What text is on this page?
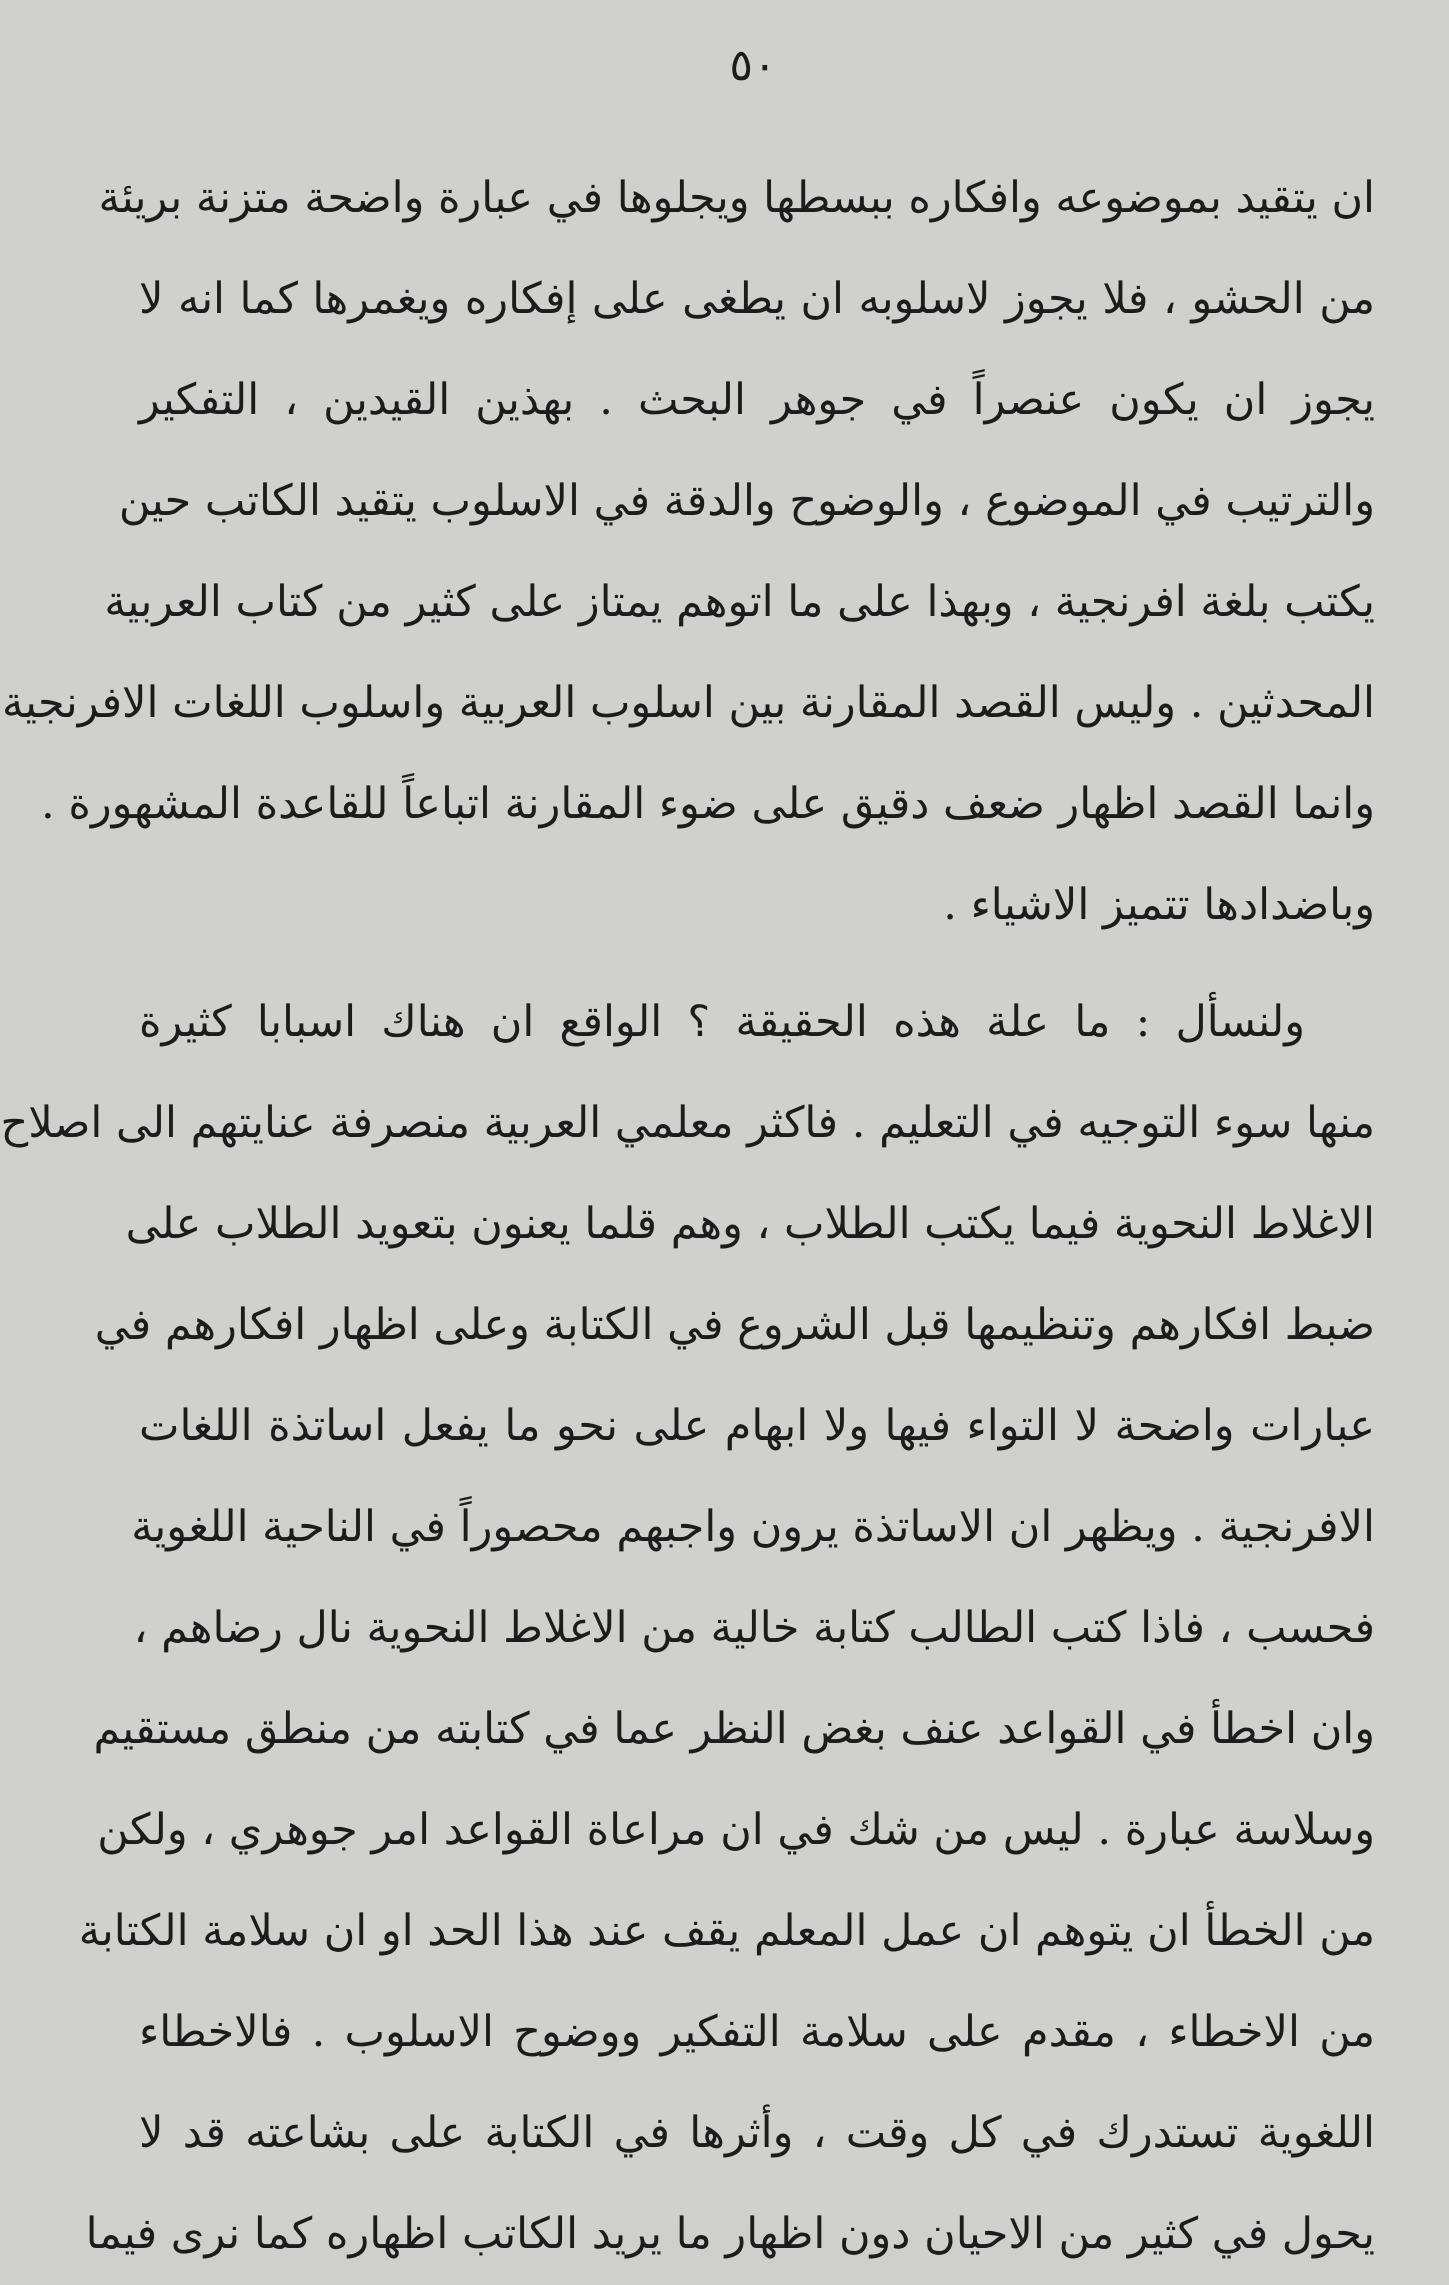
٥٠
ان يتقيد بموضوعه وافكاره ببسطها ويجلوها في عبارة واضحة متزنة بريئة
من الحشو ، فلا يجوز لاسلوبه ان يطغى على إفكاره ويغمرها كما انه لا
يجوز ان يكون عنصراً في جوهر البحث . بهذين القيدين ، التفكير
والترتيب في الموضوع ، والوضوح والدقة في الاسلوب يتقيد الكاتب حين
يكتب بلغة افرنجية ، وبهذا على ما اتوهم يمتاز على كثير من كتاب العربية
المحدثين . وليس القصد المقارنة بين اسلوب العربية واسلوب اللغات الافرنجية
وانما القصد اظهار ضعف دقيق على ضوء المقارنة اتباعاً للقاعدة المشهورة .
وباضدادها تتميز الاشياء .
ولنسأل : ما علة هذه الحقيقة ؟ الواقع ان هناك اسبابا كثيرة
منها سوء التوجيه في التعليم . فاكثر معلمي العربية منصرفة عنايتهم الى اصلاح
الاغلاط النحوية فيما يكتب الطلاب ، وهم قلما يعنون بتعويد الطلاب على
ضبط افكارهم وتنظيمها قبل الشروع في الكتابة وعلى اظهار افكارهم في
عبارات واضحة لا التواء فيها ولا ابهام على نحو ما يفعل اساتذة اللغات
الافرنجية . ويظهر ان الاساتذة يرون واجبهم محصوراً في الناحية اللغوية
فحسب ، فاذا كتب الطالب كتابة خالية من الاغلاط النحوية نال رضاهم ،
وان اخطأ في القواعد عنف بغض النظر عما في كتابته من منطق مستقيم
وسلاسة عبارة . ليس من شك في ان مراعاة القواعد امر جوهري ، ولكن
من الخطأ ان يتوهم ان عمل المعلم يقف عند هذا الحد او ان سلامة الكتابة
من الاخطاء ، مقدم على سلامة التفكير ووضوح الاسلوب . فالاخطاء
اللغوية تستدرك في كل وقت ، وأثرها في الكتابة على بشاعته قد لا
يحول في كثير من الاحيان دون اظهار ما يريد الكاتب اظهاره كما نرى فيما
